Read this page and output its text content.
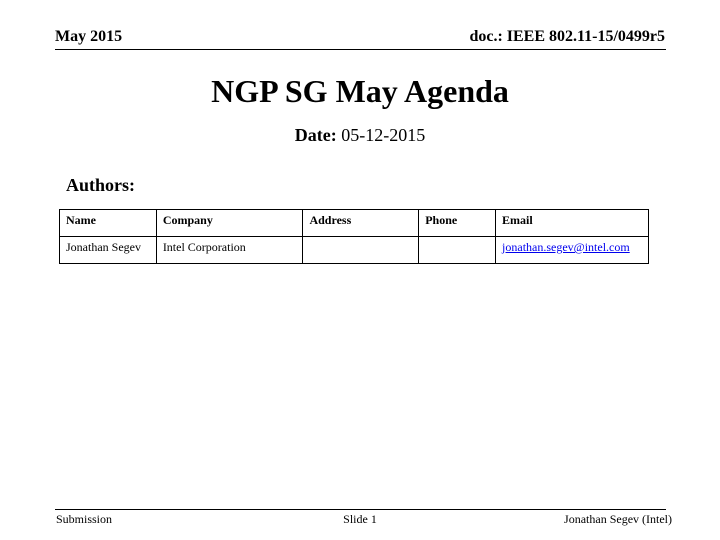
May 2015	doc.: IEEE 802.11-15/0499r5
NGP SG May Agenda
Date: 05-12-2015
Authors:
Name	Company	Address	Phone	Email
Jonathan Segev	Intel Corporation			jonathan.segev@intel.com
Submission	Slide 1	Jonathan Segev (Intel)
